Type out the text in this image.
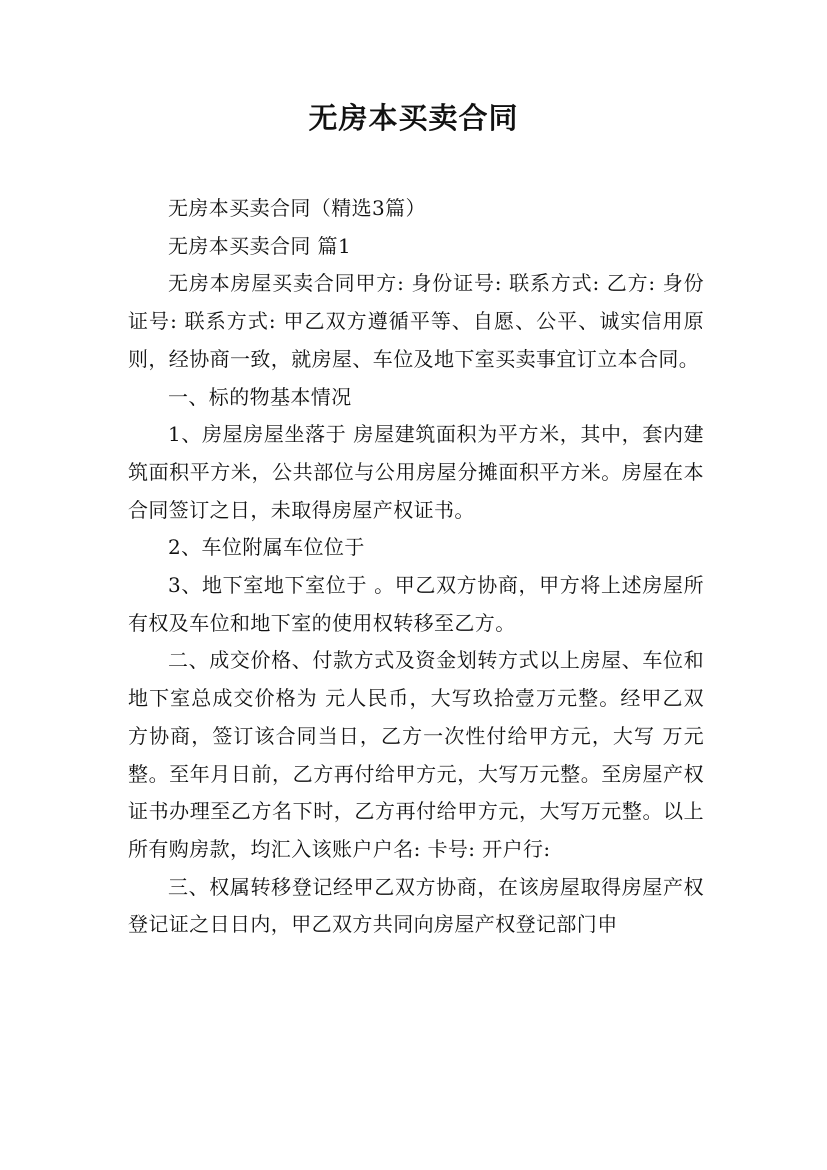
无房本买卖合同

无房本买卖合同（精选3篇）

无房本买卖合同 篇1

无房本房屋买卖合同甲方: 身份证号: 联系方式: 乙方: 身份证号: 联系方式: 甲乙双方遵循平等、自愿、公平、诚实信用原则，经协商一致，就房屋、车位及地下室买卖事宜订立本合同。

一、标的物基本情况

1、房屋房屋坐落于 房屋建筑面积为平方米，其中，套内建筑面积平方米，公共部位与公用房屋分摊面积平方米。房屋在本合同签订之日，未取得房屋产权证书。

2、车位附属车位位于

3、地下室地下室位于 。甲乙双方协商，甲方将上述房屋所有权及车位和地下室的使用权转移至乙方。

二、成交价格、付款方式及资金划转方式以上房屋、车位和地下室总成交价格为 元人民币，大写玖拾壹万元整。经甲乙双方协商，签订该合同当日，乙方一次性付给甲方元，大写 万元整。至年月日前，乙方再付给甲方元，大写万元整。至房屋产权证书办理至乙方名下时，乙方再付给甲方元，大写万元整。以上所有购房款，均汇入该账户户名: 卡号: 开户行:

三、权属转移登记经甲乙双方协商，在该房屋取得房屋产权登记证之日日内，甲乙双方共同向房屋产权登记部门申
